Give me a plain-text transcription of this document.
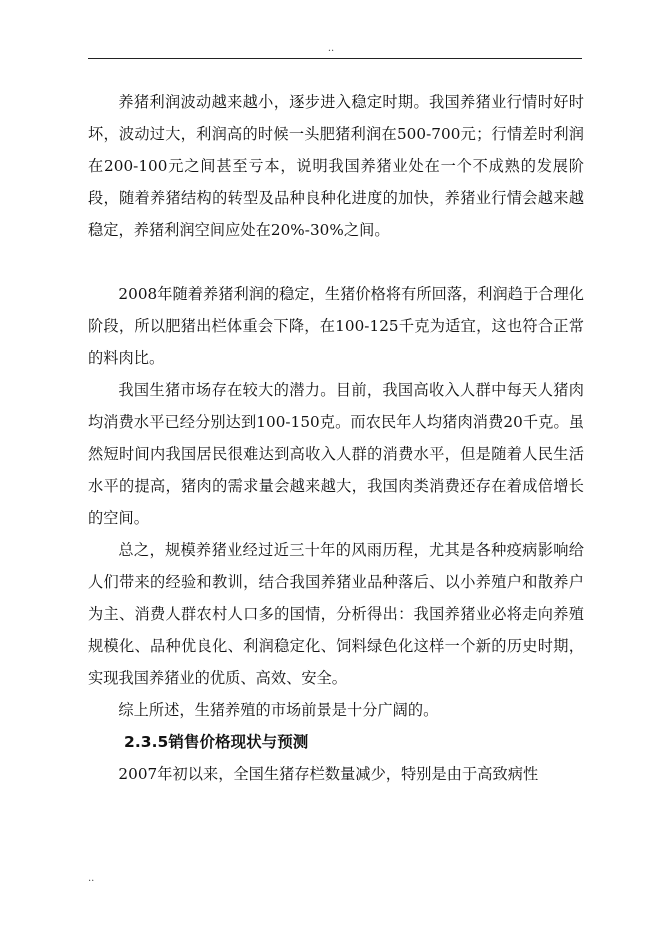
..

养猪利润波动越来越小，逐步进入稳定时期。我国养猪业行情时好时坏，波动过大，利润高的时候一头肥猪利润在500-700元；行情差时利润在200-100元之间甚至亏本，说明我国养猪业处在一个不成熟的发展阶段，随着养猪结构的转型及品种良种化进度的加快，养猪业行情会越来越稳定，养猪利润空间应处在20%-30%之间。

2008年随着养猪利润的稳定，生猪价格将有所回落，利润趋于合理化阶段，所以肥猪出栏体重会下降，在100-125千克为适宜，这也符合正常的料肉比。

我国生猪市场存在较大的潜力。目前，我国高收入人群中每天人猪肉均消费水平已经分别达到100-150克。而农民年人均猪肉消费20千克。虽然短时间内我国居民很难达到高收入人群的消费水平，但是随着人民生活水平的提高，猪肉的需求量会越来越大，我国肉类消费还存在着成倍增长的空间。

总之，规模养猪业经过近三十年的风雨历程，尤其是各种疫病影响给人们带来的经验和教训，结合我国养猪业品种落后、以小养殖户和散养户为主、消费人群农村人口多的国情，分析得出：我国养猪业必将走向养殖规模化、品种优良化、利润稳定化、饲料绿色化这样一个新的历史时期，实现我国养猪业的优质、高效、安全。

综上所述，生猪养殖的市场前景是十分广阔的。

2.3.5销售价格现状与预测

2007年初以来，全国生猪存栏数量减少，特别是由于高致病性

..
